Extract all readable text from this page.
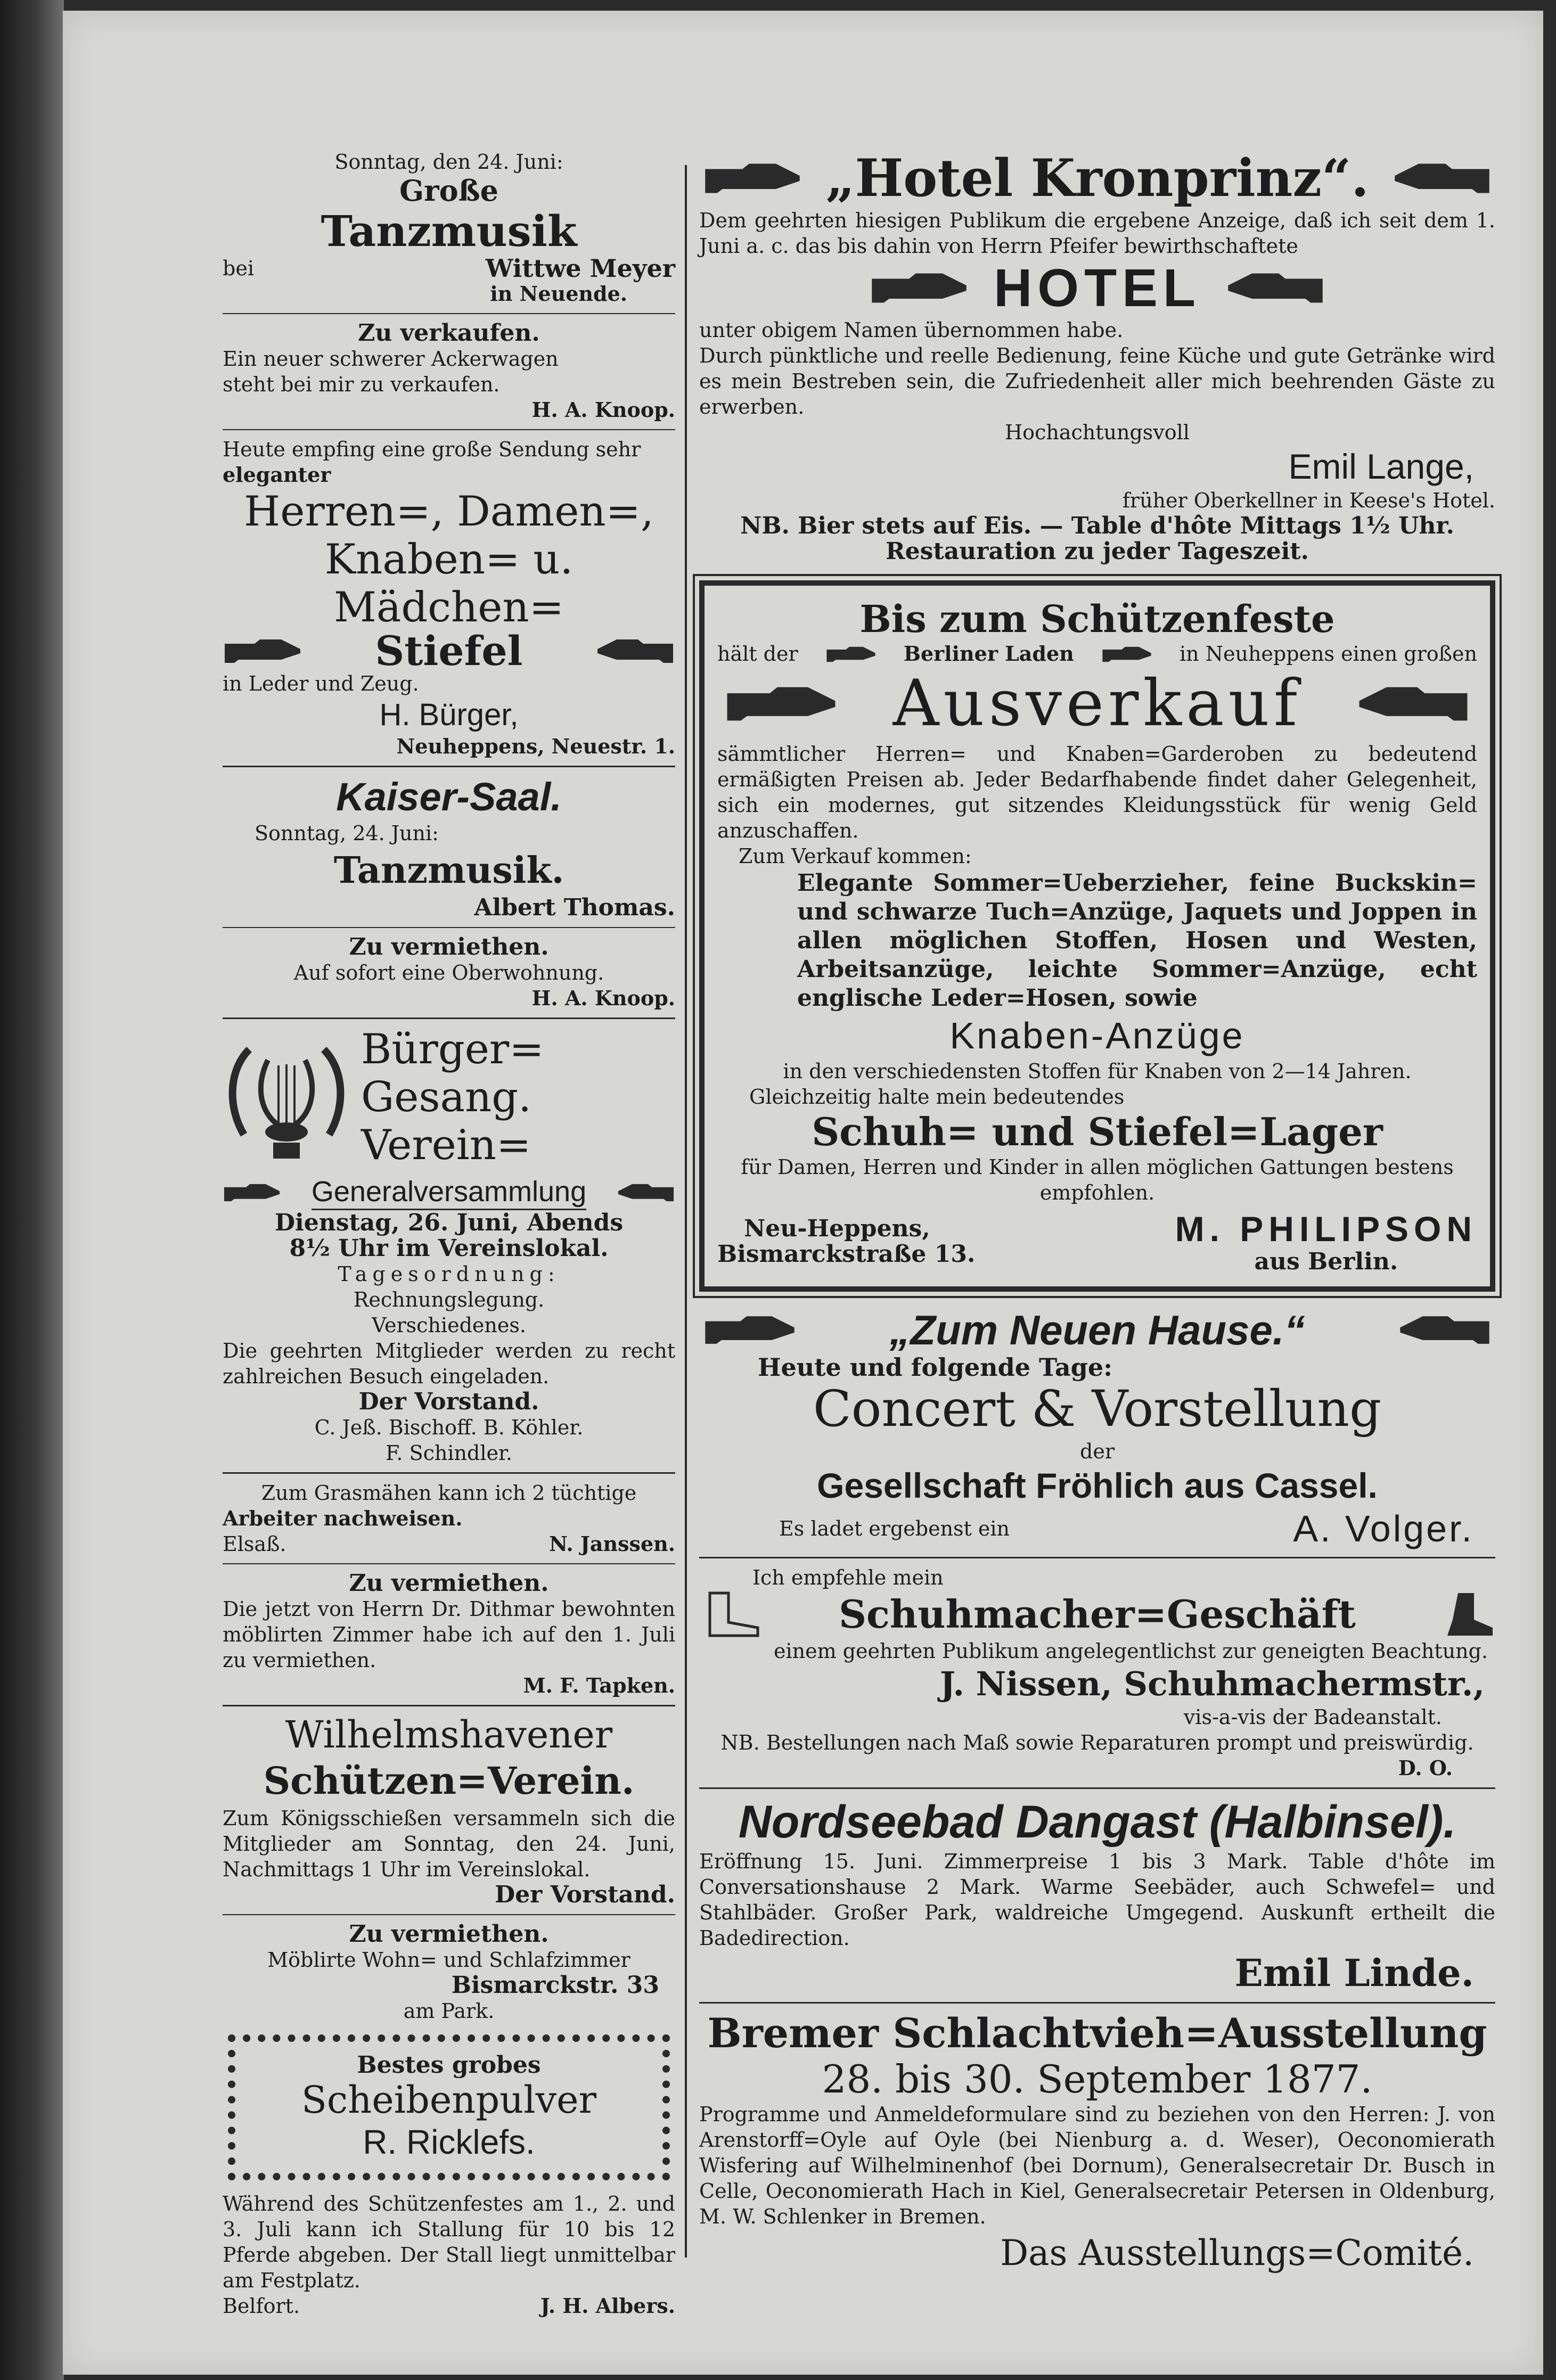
Sonntag, den 24. Juni:

Große

Tanzmusik

bei	Wittwe Meyer

in Neuende.

Zu verkaufen.

Ein neuer schwerer Ackerwagen

steht bei mir zu verkaufen.

H. A. Knoop.

Heute empfing eine große Sendung sehr

eleganter

Herren=, Damen=,

Knaben= u. Mädchen=

Stiefel

in Leder und Zeug.

H. Bürger,

Neuheppens, Neuestr. 1.

Kaiser-Saal.

Sonntag, 24. Juni:

Tanzmusik.

Albert Thomas.

Zu vermiethen.

Auf sofort eine Oberwohnung.

H. A. Knoop.

Bürger=

Gesang.

Verein=

Generalversammlung

Dienstag, 26. Juni, Abends

8½ Uhr im Vereinslokal.

Tagesordnung:

Rechnungslegung.

Verschiedenes.

Die geehrten Mitglieder werden zu recht zahlreichen Besuch eingeladen.

Der Vorstand.

C. Jeß. Bischoff. B. Köhler.

F. Schindler.

Zum Grasmähen kann ich 2 tüchtige

Arbeiter nachweisen.

Elsaß.	N. Janssen.

Zu vermiethen.

Die jetzt von Herrn Dr. Dithmar bewohnten möblirten Zimmer habe ich auf den 1. Juli zu vermiethen.

M. F. Tapken.

Wilhelmshavener

Schützen=Verein.

Zum Königsschießen versammeln sich die Mitglieder am Sonntag, den 24. Juni, Nachmittags 1 Uhr im Vereinslokal.

Der Vorstand.

Zu vermiethen.

Möblirte Wohn= und Schlafzimmer

Bismarckstr. 33

am Park.

Bestes grobes

Scheibenpulver

R. Ricklefs.

Während des Schützenfestes am 1., 2. und 3. Juli kann ich Stallung für 10 bis 12 Pferde abgeben. Der Stall liegt unmittelbar am Festplatz.

Belfort.	J. H. Albers.
„Hotel Kronprinz“.

Dem geehrten hiesigen Publikum die ergebene Anzeige, daß ich seit dem 1. Juni a. c. das bis dahin von Herrn Pfeifer bewirthschaftete

HOTEL

unter obigem Namen übernommen habe.

Durch pünktliche und reelle Bedienung, feine Küche und gute Getränke wird es mein Bestreben sein, die Zufriedenheit aller mich beehrenden Gäste zu erwerben.

Hochachtungsvoll

Emil Lange,

früher Oberkellner in Keese's Hotel.

NB. Bier stets auf Eis. — Table d'hôte Mittags 1½ Uhr.

Restauration zu jeder Tageszeit.

Bis zum Schützenfeste

hält der	Berliner Laden	in Neuheppens einen großen
Ausverkauf

sämmtlicher Herren= und Knaben=Garderoben zu bedeutend ermäßigten Preisen ab. Jeder Bedarfhabende findet daher Gelegenheit, sich ein modernes, gut sitzendes Kleidungsstück für wenig Geld anzuschaffen.

Zum Verkauf kommen:

Elegante Sommer=Ueberzieher, feine Buckskin= und schwarze Tuch=Anzüge, Jaquets und Joppen in allen möglichen Stoffen, Hosen und Westen, Arbeitsanzüge, leichte Sommer=Anzüge, echt englische Leder=Hosen, sowie

Knaben-Anzüge

in den verschiedensten Stoffen für Knaben von 2—14 Jahren.

Gleichzeitig halte mein bedeutendes

Schuh= und Stiefel=Lager

für Damen, Herren und Kinder in allen möglichen Gattungen bestens empfohlen.

Neu-Heppens,

Bismarckstraße 13.

M. PHILIPSON

aus Berlin.

„Zum Neuen Hause.“

Heute und folgende Tage:

Concert & Vorstellung

der

Gesellschaft Fröhlich aus Cassel.

Es ladet ergebenst ein	A. Volger.

Ich empfehle mein

Schuhmacher=Geschäft

einem geehrten Publikum angelegentlichst zur geneigten Beachtung.

J. Nissen, Schuhmachermstr.,

vis-a-vis der Badeanstalt.

NB. Bestellungen nach Maß sowie Reparaturen prompt und preiswürdig.

D. O.

Nordseebad Dangast (Halbinsel).

Eröffnung 15. Juni. Zimmerpreise 1 bis 3 Mark. Table d'hôte im Conversationshause 2 Mark. Warme Seebäder, auch Schwefel= und Stahlbäder. Großer Park, waldreiche Umgegend. Auskunft ertheilt die Badedirection.

Emil Linde.

Bremer Schlachtvieh=Ausstellung

28. bis 30. September 1877.

Programme und Anmeldeformulare sind zu beziehen von den Herren: J. von Arenstorff=Oyle auf Oyle (bei Nienburg a. d. Weser), Oeconomierath Wisfering auf Wilhelminenhof (bei Dornum), Generalsecretair Dr. Busch in Celle, Oeconomierath Hach in Kiel, Generalsecretair Petersen in Oldenburg, M. W. Schlenker in Bremen.

Das Ausstellungs=Comité.
